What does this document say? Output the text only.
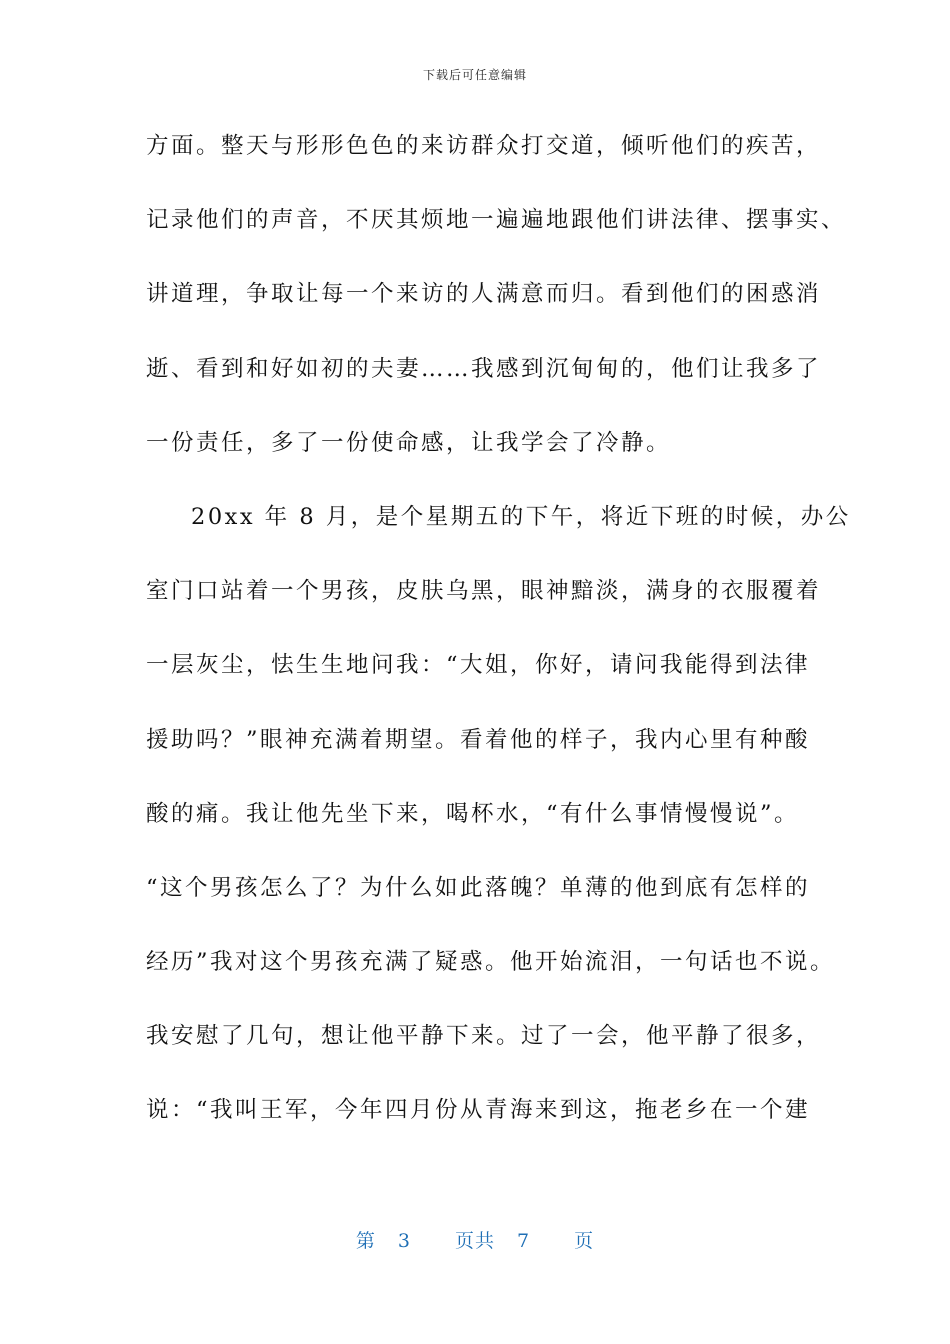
下载后可任意编辑
方面。整天与形形色色的来访群众打交道，倾听他们的疾苦，
记录他们的声音，不厌其烦地一遍遍地跟他们讲法律、摆事实、
讲道理，争取让每一个来访的人满意而归。看到他们的困惑消
逝、看到和好如初的夫妻……我感到沉甸甸的，他们让我多了
一份责任，多了一份使命感，让我学会了冷静。
20xx 年 8 月，是个星期五的下午，将近下班的时候，办公
室门口站着一个男孩，皮肤乌黑，眼神黯淡，满身的衣服覆着
一层灰尘，怯生生地问我：“大姐，你好，请问我能得到法律
援助吗？”眼神充满着期望。看着他的样子，我内心里有种酸
酸的痛。我让他先坐下来，喝杯水，“有什么事情慢慢说”。
“这个男孩怎么了？为什么如此落魄？单薄的他到底有怎样的
经历”我对这个男孩充满了疑惑。他开始流泪，一句话也不说。
我安慰了几句，想让他平静下来。过了一会，他平静了很多，
说：“我叫王军，今年四月份从青海来到这，拖老乡在一个建
第 3 页共 7 页
